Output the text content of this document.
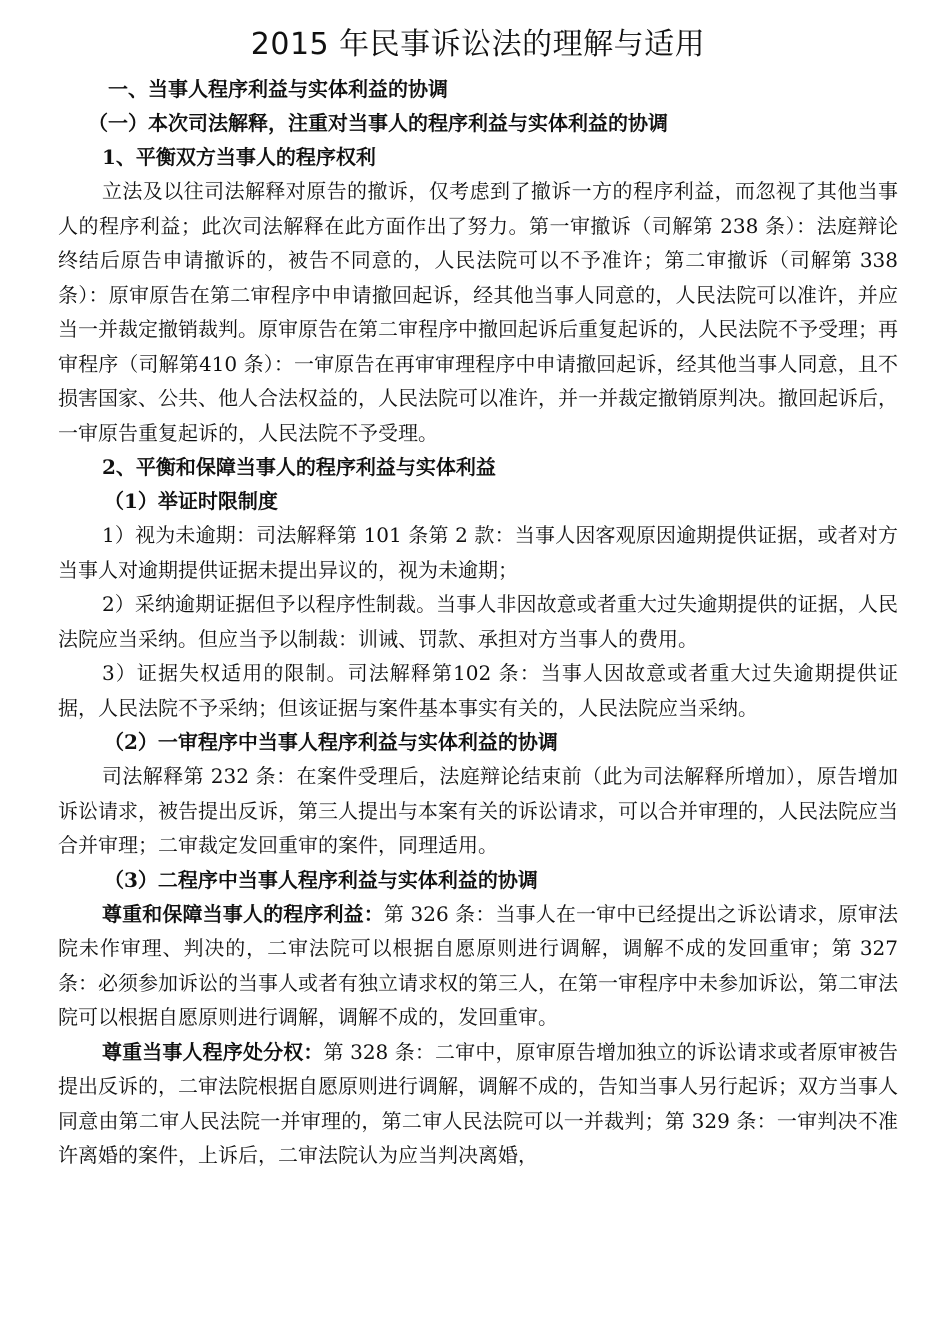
2015 年民事诉讼法的理解与适用
一、当事人程序利益与实体利益的协调
（一）本次司法解释，注重对当事人的程序利益与实体利益的协调
1、平衡双方当事人的程序权利

立法及以往司法解释对原告的撤诉，仅考虑到了撤诉一方的程序利益，而忽视了其他当事人的程序利益；此次司法解释在此方面作出了努力。第一审撤诉（司解第 238 条）：法庭辩论终结后原告申请撤诉的，被告不同意的，人民法院可以不予准许；第二审撤诉（司解第 338 条）：原审原告在第二审程序中申请撤回起诉，经其他当事人同意的，人民法院可以准许，并应当一并裁定撤销裁判。原审原告在第二审程序中撤回起诉后重复起诉的，人民法院不予受理；再审程序（司解第410 条）：一审原告在再审审理程序中申请撤回起诉，经其他当事人同意，且不损害国家、公共、他人合法权益的，人民法院可以准许，并一并裁定撤销原判决。撤回起诉后，一审原告重复起诉的，人民法院不予受理。

2、平衡和保障当事人的程序利益与实体利益
（1）举证时限制度

1）视为未逾期：司法解释第 101 条第 2 款：当事人因客观原因逾期提供证据，或者对方当事人对逾期提供证据未提出异议的，视为未逾期；

2）采纳逾期证据但予以程序性制裁。当事人非因故意或者重大过失逾期提供的证据，人民法院应当采纳。但应当予以制裁：训诫、罚款、承担对方当事人的费用。

3）证据失权适用的限制。司法解释第102 条：当事人因故意或者重大过失逾期提供证据，人民法院不予采纳；但该证据与案件基本事实有关的，人民法院应当采纳。

（2）一审程序中当事人程序利益与实体利益的协调

司法解释第 232 条：在案件受理后，法庭辩论结束前（此为司法解释所增加），原告增加诉讼请求，被告提出反诉，第三人提出与本案有关的诉讼请求，可以合并审理的，人民法院应当合并审理；二审裁定发回重审的案件，同理适用。

（3）二程序中当事人程序利益与实体利益的协调

尊重和保障当事人的程序利益：第 326 条：当事人在一审中已经提出之诉讼请求，原审法院未作审理、判决的，二审法院可以根据自愿原则进行调解，调解不成的发回重审；第 327 条：必须参加诉讼的当事人或者有独立请求权的第三人，在第一审程序中未参加诉讼，第二审法院可以根据自愿原则进行调解，调解不成的，发回重审。

尊重当事人程序处分权：第 328 条：二审中，原审原告增加独立的诉讼请求或者原审被告提出反诉的，二审法院根据自愿原则进行调解，调解不成的，告知当事人另行起诉；双方当事人同意由第二审人民法院一并审理的，第二审人民法院可以一并裁判；第 329 条：一审判决不准许离婚的案件，上诉后，二审法院认为应当判决离婚，
